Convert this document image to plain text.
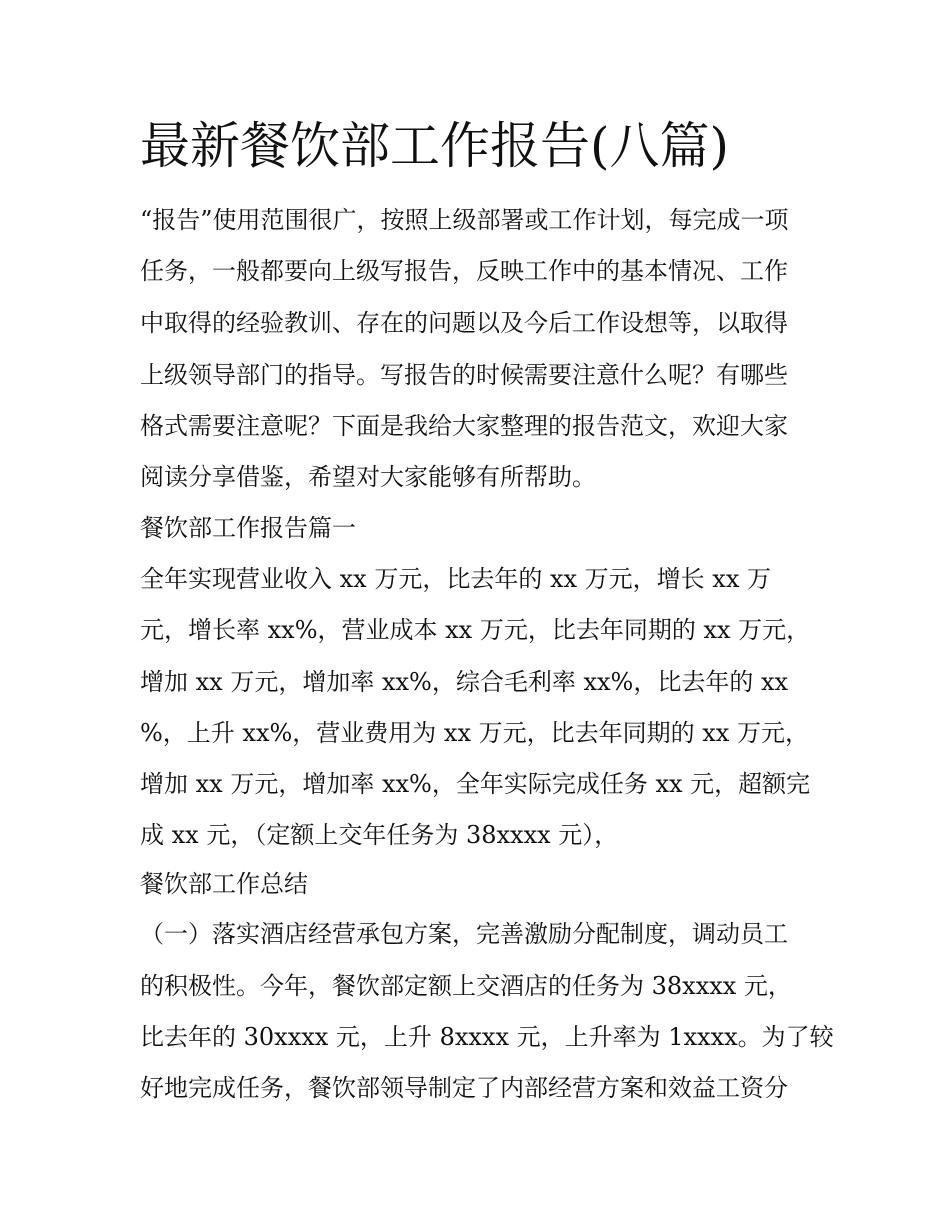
最新餐饮部工作报告(八篇)
“报告”使用范围很广，按照上级部署或工作计划，每完成一项
任务，一般都要向上级写报告，反映工作中的基本情况、工作
中取得的经验教训、存在的问题以及今后工作设想等，以取得
上级领导部门的指导。写报告的时候需要注意什么呢？有哪些
格式需要注意呢？下面是我给大家整理的报告范文，欢迎大家
阅读分享借鉴，希望对大家能够有所帮助。
餐饮部工作报告篇一
全年实现营业收入 xx 万元，比去年的 xx 万元，增长 xx 万
元，增长率 xx%，营业成本 xx 万元，比去年同期的 xx 万元，
增加 xx 万元，增加率 xx%，综合毛利率 xx%，比去年的 xx
%，上升 xx%，营业费用为 xx 万元，比去年同期的 xx 万元，
增加 xx 万元，增加率 xx%，全年实际完成任务 xx 元，超额完
成 xx 元，（定额上交年任务为 38xxxx 元），
餐饮部工作总结
（一）落实酒店经营承包方案，完善激励分配制度，调动员工
的积极性。今年，餐饮部定额上交酒店的任务为 38xxxx 元，
比去年的 30xxxx 元，上升 8xxxx 元，上升率为 1xxxx。为了较
好地完成任务，餐饮部领导制定了内部经营方案和效益工资分
